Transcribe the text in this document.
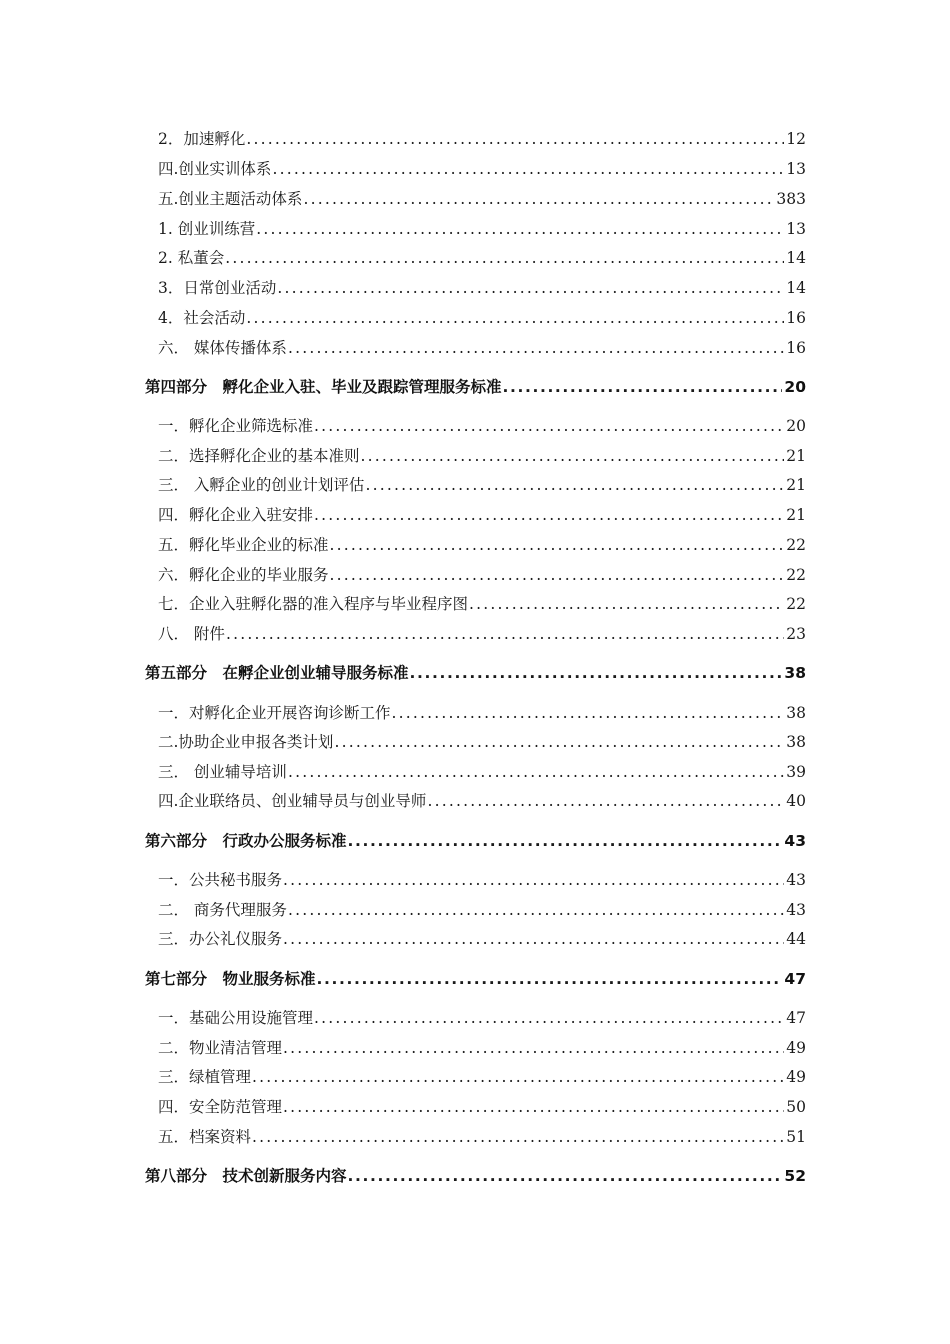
2．加速孵化 .....	12
四.创业实训体系 .....	13
五.创业主题活动体系 .....	383
1. 创业训练营 .....	13
2. 私董会 .....	14
3．日常创业活动 .....	14
4．社会活动 .....	16
六． 媒体传播体系 .....	16
第四部分　孵化企业入驻、毕业及跟踪管理服务标准 .....	20
一．孵化企业筛选标准 .....	20
二．选择孵化企业的基本准则 .....	21
三． 入孵企业的创业计划评估 .....	21
四．孵化企业入驻安排 .....	21
五．孵化毕业企业的标准 .....	22
六．孵化企业的毕业服务 .....	22
七．企业入驻孵化器的准入程序与毕业程序图 .....	22
八． 附件 .....	23
第五部分　在孵企业创业辅导服务标准 .....	38
一．对孵化企业开展咨询诊断工作 .....	38
二.协助企业申报各类计划 .....	38
三． 创业辅导培训 .....	39
四.企业联络员、创业辅导员与创业导师 .....	40
第六部分　行政办公服务标准 .....	43
一．公共秘书服务 .....	43
二． 商务代理服务 .....	43
三．办公礼仪服务 .....	44
第七部分　物业服务标准 .....	47
一．基础公用设施管理 .....	47
二．物业清洁管理 .....	49
三．绿植管理 .....	49
四．安全防范管理 .....	50
五．档案资料 .....	51
第八部分　技术创新服务内容 .....	52
